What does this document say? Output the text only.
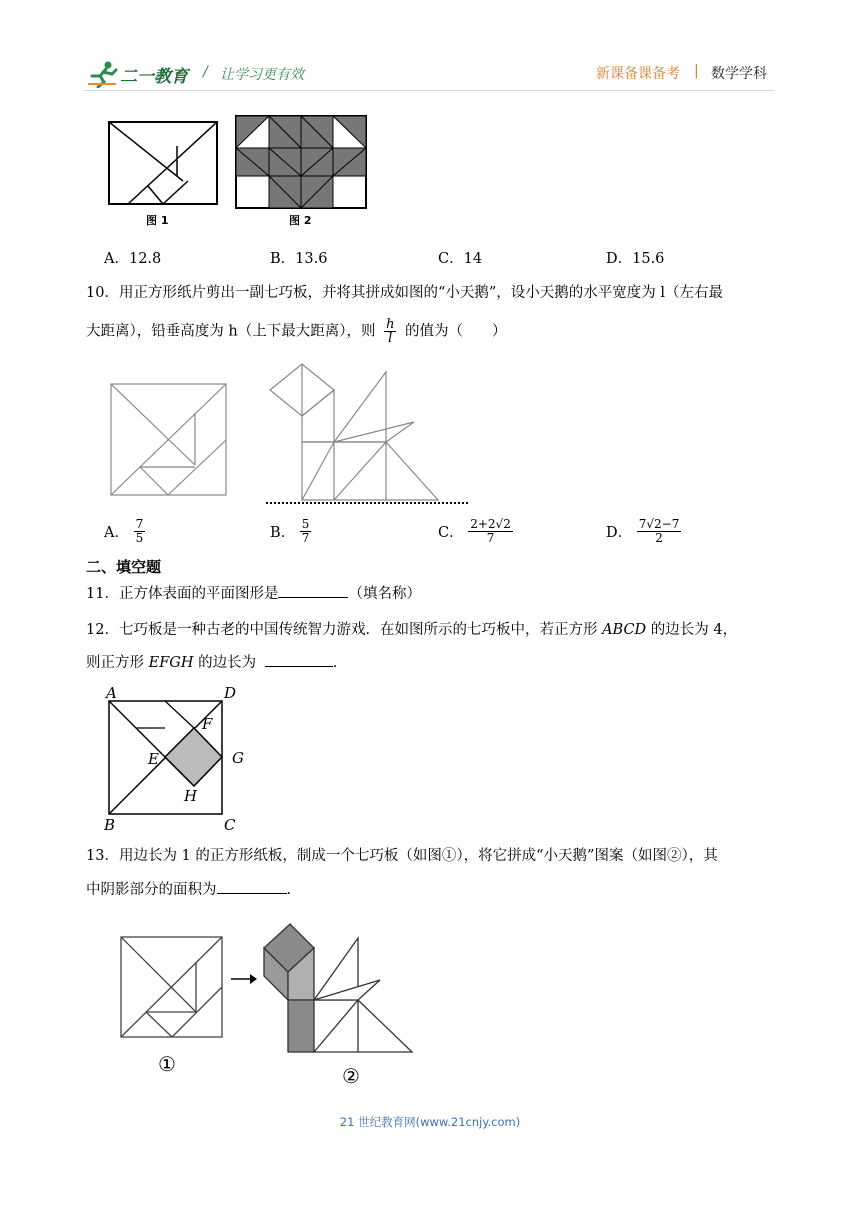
二一教育 / 让学习更有效	新课备课备考 | 数学学科
图 1	图 2
A．12.8	B．13.6	C．14	D．15.6
10．用正方形纸片剪出一副七巧板，并将其拼成如图的“小天鹅”，设小天鹅的水平宽度为 l（左右最
大距离），铅垂高度为 h（上下最大距离），则 $\frac{h}{l}$ 的值为（　　）
A． $\frac{7}{5}$	B． $\frac{5}{7}$	C． $\frac{2+2√2}{7}$	D． $\frac{7√2-7}{2}$
二、填空题
11．正方体表面的平面图形是	（填名称）
12．七巧板是一种古老的中国传统智力游戏．在如图所示的七巧板中，若正方形 ABCD 的边长为 4，
则正方形 EFGH 的边长为	.
A	D
F
E	G
H
B	C
13．用边长为 1 的正方形纸板，制成一个七巧板（如图①），将它拼成“小天鹅”图案（如图②），其
中阴影部分的面积为	.
①	②
21 世纪教育网(www.21cnjy.com)
